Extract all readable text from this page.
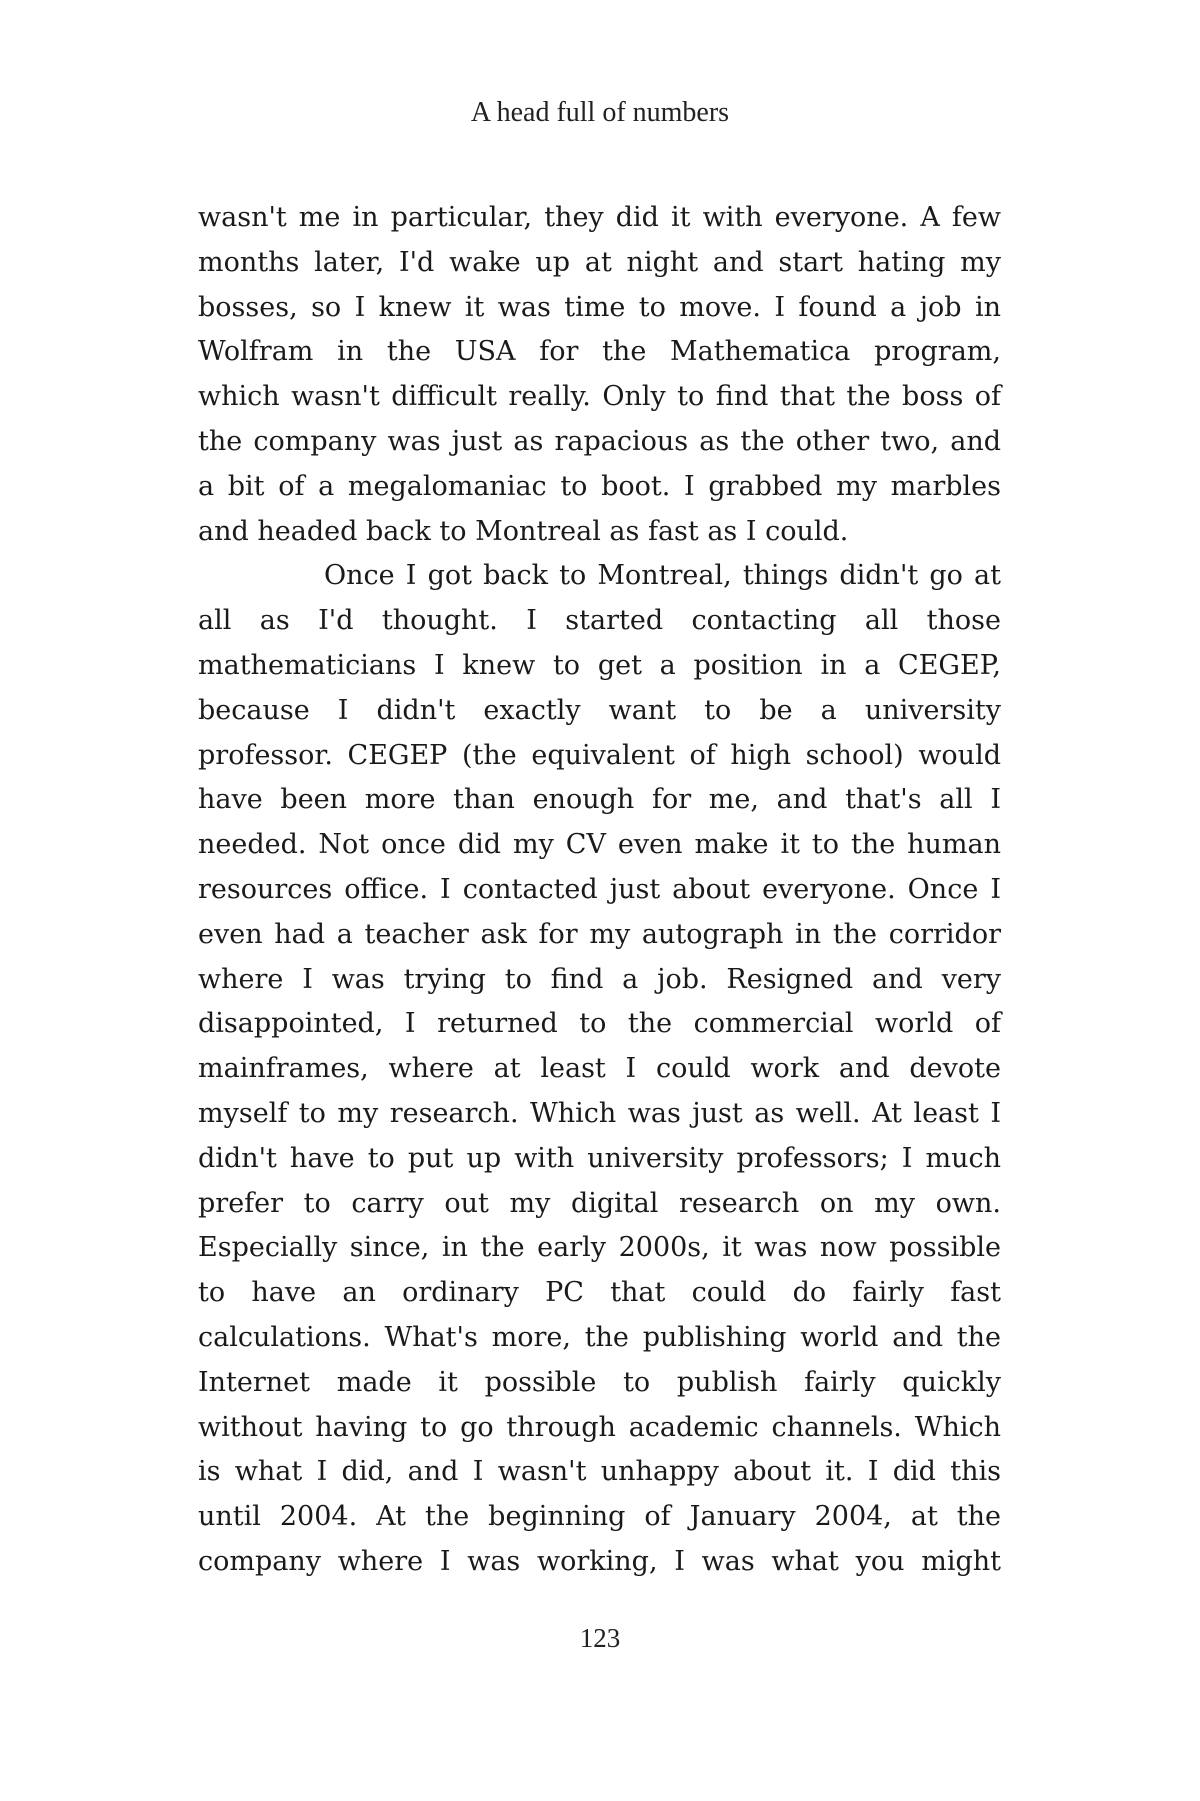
A head full of numbers

wasn't me in particular, they did it with everyone. A few
months later, I'd wake up at night and start hating my
bosses, so I knew it was time to move. I found a job in
Wolfram in the USA for the Mathematica program,
which wasn't difficult really. Only to find that the boss of
the company was just as rapacious as the other two, and
a bit of a megalomaniac to boot. I grabbed my marbles
and headed back to Montreal as fast as I could.

Once I got back to Montreal, things didn't go at
all as I'd thought. I started contacting all those
mathematicians I knew to get a position in a CEGEP,
because I didn't exactly want to be a university
professor. CEGEP (the equivalent of high school) would
have been more than enough for me, and that's all I
needed. Not once did my CV even make it to the human
resources office. I contacted just about everyone. Once I
even had a teacher ask for my autograph in the corridor
where I was trying to find a job. Resigned and very
disappointed, I returned to the commercial world of
mainframes, where at least I could work and devote
myself to my research. Which was just as well. At least I
didn't have to put up with university professors; I much
prefer to carry out my digital research on my own.
Especially since, in the early 2000s, it was now possible
to have an ordinary PC that could do fairly fast
calculations. What's more, the publishing world and the
Internet made it possible to publish fairly quickly
without having to go through academic channels. Which
is what I did, and I wasn't unhappy about it. I did this
until 2004. At the beginning of January 2004, at the
company where I was working, I was what you might

123
